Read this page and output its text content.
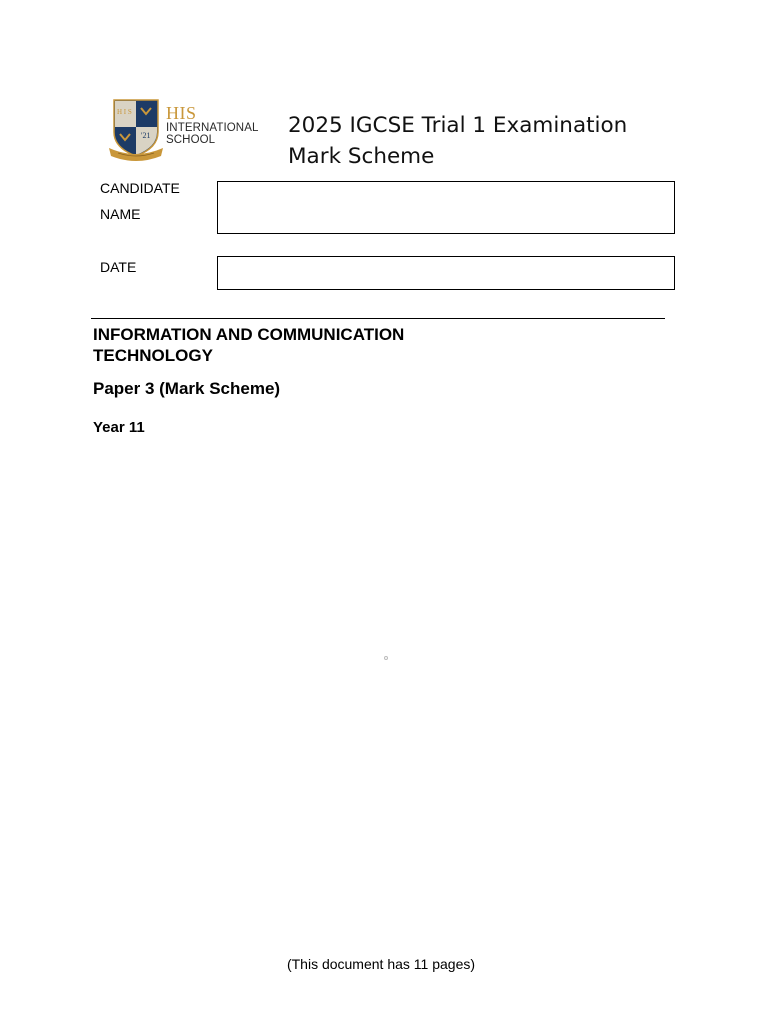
H I S
'21
HIS
INTERNATIONAL
SCHOOL
2025 IGCSE Trial 1 Examination
Mark Scheme
CANDIDATE
NAME
DATE
INFORMATION AND COMMUNICATION
TECHNOLOGY
Paper 3 (Mark Scheme)
Year 11
(This document has 11 pages)
